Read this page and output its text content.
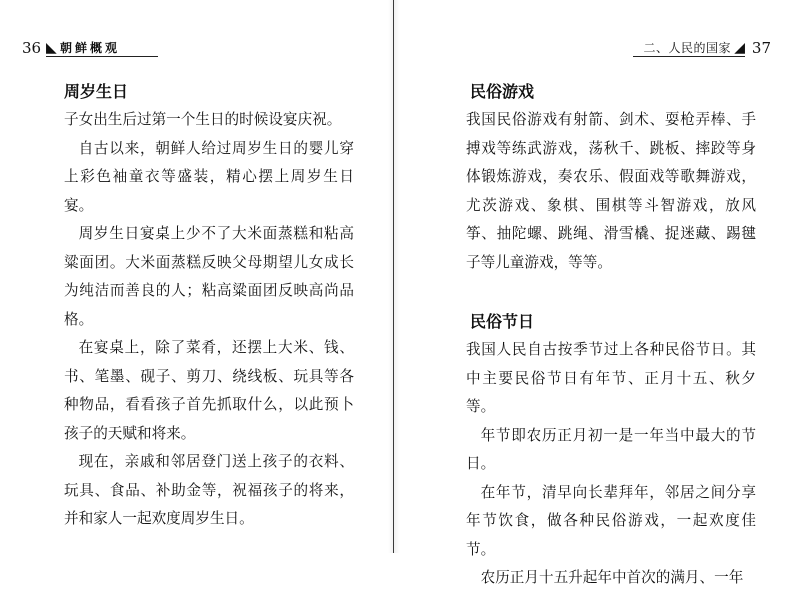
36 ◣ 朝鲜概观
周岁生日

子女出生后过第一个生日的时候设宴庆祝。

自古以来，朝鲜人给过周岁生日的婴儿穿上彩色袖童衣等盛装，精心摆上周岁生日宴。

周岁生日宴桌上少不了大米面蒸糕和粘高粱面团。大米面蒸糕反映父母期望儿女成长为纯洁而善良的人；粘高粱面团反映高尚品格。

在宴桌上，除了菜肴，还摆上大米、钱、书、笔墨、砚子、剪刀、绕线板、玩具等各种物品，看看孩子首先抓取什么，以此预卜孩子的天赋和将来。

现在，亲戚和邻居登门送上孩子的衣料、玩具、食品、补助金等，祝福孩子的将来，并和家人一起欢度周岁生日。

二、人民的国家 ◢ 37
民俗游戏

我国民俗游戏有射箭、剑术、耍枪弄棒、手搏戏等练武游戏，荡秋千、跳板、摔跤等身体锻炼游戏，奏农乐、假面戏等歌舞游戏，尤茨游戏、象棋、围棋等斗智游戏，放风筝、抽陀螺、跳绳、滑雪橇、捉迷藏、踢毽子等儿童游戏，等等。

民俗节日

我国人民自古按季节过上各种民俗节日。其中主要民俗节日有年节、正月十五、秋夕等。

年节即农历正月初一是一年当中最大的节日。

在年节，清早向长辈拜年，邻居之间分享年节饮食，做各种民俗游戏，一起欢度佳节。

农历正月十五升起年中首次的满月、一年
